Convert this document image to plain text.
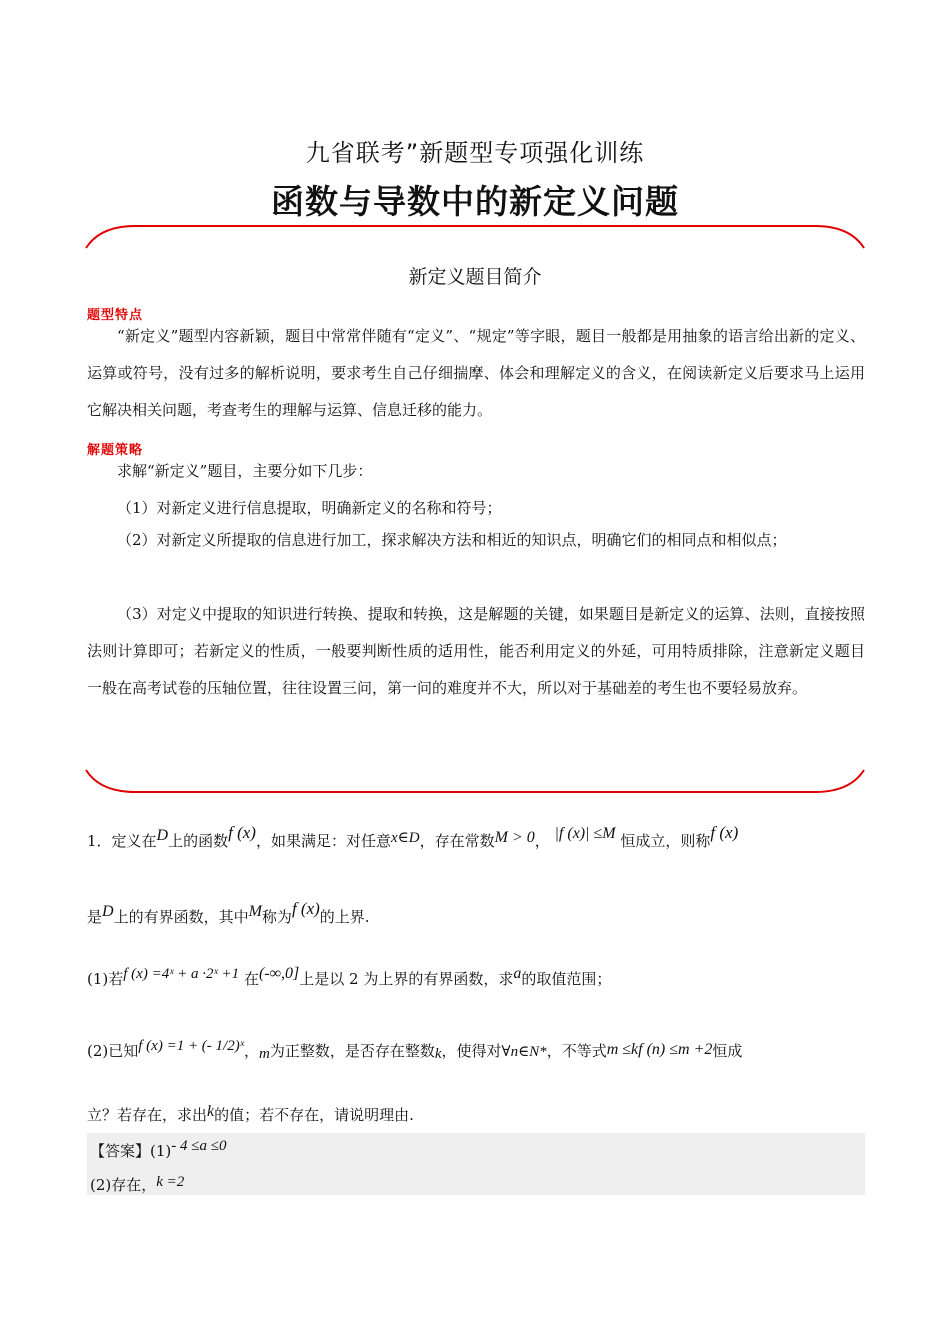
九省联考”新题型专项强化训练
函数与导数中的新定义问题
新定义题目简介
题型特点
“新定义”题型内容新颖，题目中常常伴随有“定义”、“规定”等字眼，题目一般都是用抽象的语言给出新的定义、运算或符号，没有过多的解析说明，要求考生自己仔细揣摩、体会和理解定义的含义，在阅读新定义后要求马上运用它解决相关问题，考查考生的理解与运算、信息迁移的能力。
解题策略
求解“新定义”题目，主要分如下几步：
（1）对新定义进行信息提取，明确新定义的名称和符号；
（2）对新定义所提取的信息进行加工，探求解决方法和相近的知识点，明确它们的相同点和相似点；
（3）对定义中提取的知识进行转换、提取和转换，这是解题的关键，如果题目是新定义的运算、法则，直接按照法则计算即可；若新定义的性质，一般要判断性质的适用性，能否利用定义的外延，可用特质排除，注意新定义题目一般在高考试卷的压轴位置，往往设置三问，第一问的难度并不大，所以对于基础差的考生也不要轻易放弃。
1．定义在D上的函数f (x)，如果满足：对任意x∈D，存在常数M > 0， |f (x)| ≤M 恒成立，则称f (x)
是D上的有界函数，其中M称为f (x)的上界.
(1)若f (x) =4ˣ + a ·2ˣ +1 在(-∞,0]上是以 2 为上界的有界函数，求a的取值范围；
(2)已知f (x) =1 + (- 1/2)ˣ，m为正整数，是否存在整数k，使得对∀n∈N*，不等式m ≤kf (n) ≤m +2恒成
立？若存在，求出k的值；若不存在，请说明理由.
【答案】(1)- 4 ≤a ≤0
(2)存在，k =2
